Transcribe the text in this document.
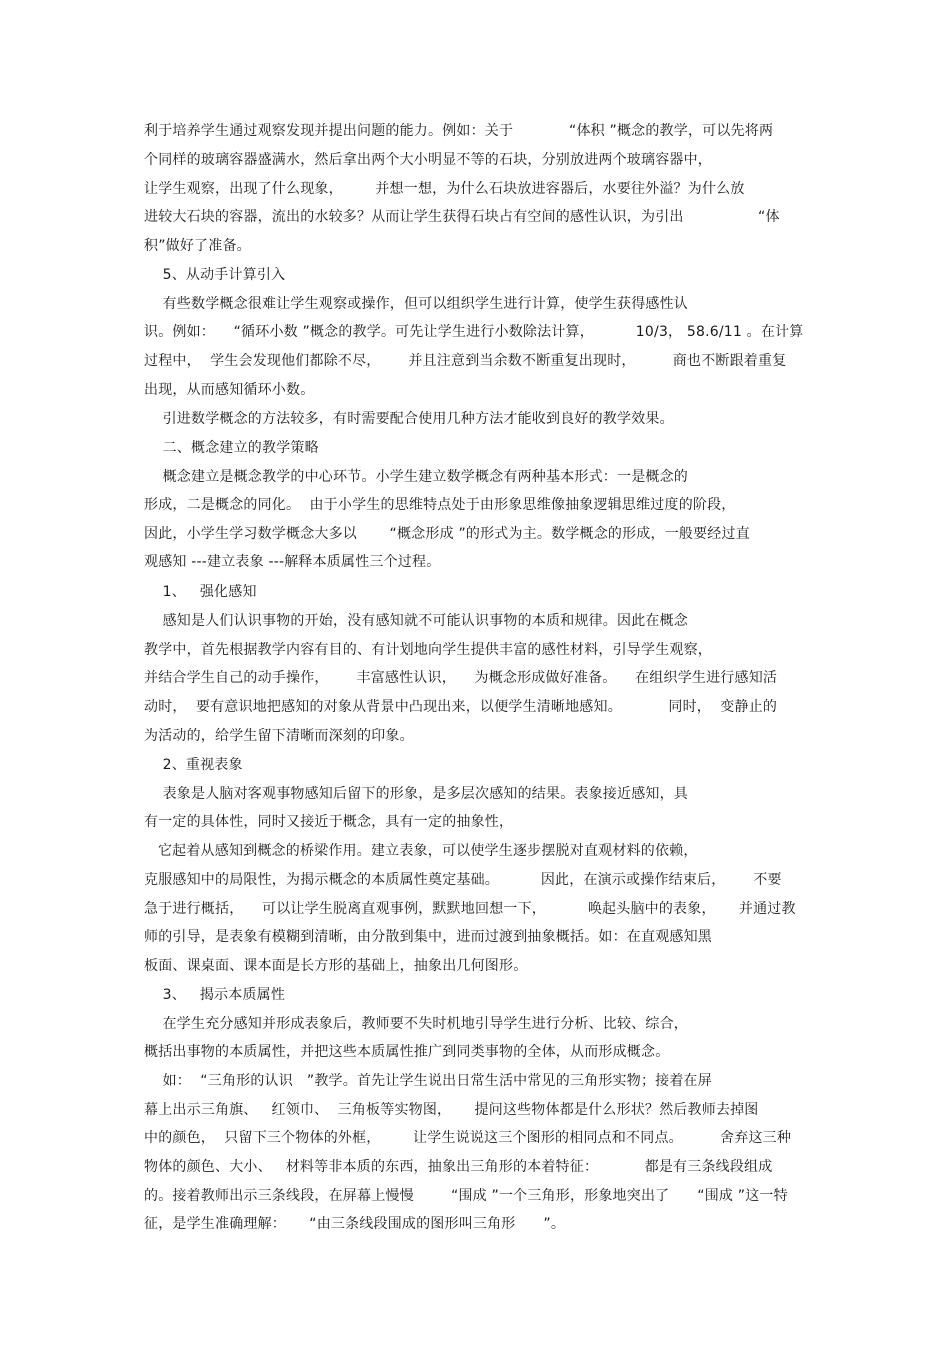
利于培养学生通过观察发现并提出问题的能力。例如：关于            “体积 ”概念的教学，可以先将两
个同样的玻璃容器盛满水，然后拿出两个大小明显不等的石块，分别放进两个玻璃容器中，
让学生观察，出现了什么现象，       并想一想，为什么石块放进容器后，水要往外溢？为什么放
进较大石块的容器，流出的水较多？从而让学生获得石块占有空间的感性认识，为引出                “体
积”做好了准备。
5、从动手计算引入
有些数学概念很难让学生观察或操作，但可以组织学生进行计算，使学生获得感性认
识。例如：    “循环小数 ”概念的教学。可先让学生进行小数除法计算，         10/3， 58.6/11 。在计算
过程中，  学生会发现他们都除不尽，      并且注意到当余数不断重复出现时，        商也不断跟着重复
出现，从而感知循环小数。
引进数学概念的方法较多，有时需要配合使用几种方法才能收到良好的教学效果。
二、概念建立的教学策略
概念建立是概念教学的中心环节。小学生建立数学概念有两种基本形式：一是概念的
形成，二是概念的同化。  由于小学生的思维特点处于由形象思维像抽象逻辑思维过度的阶段，
因此，小学生学习数学概念大多以       “概念形成 ”的形式为主。数学概念的形成，一般要经过直
观感知 ---建立表象 ---解释本质属性三个过程。
1、   强化感知
感知是人们认识事物的开始，没有感知就不可能认识事物的本质和规律。因此在概念
教学中，首先根据教学内容有目的、有计划地向学生提供丰富的感性材料，引导学生观察，
并结合学生自己的动手操作，      丰富感性认识，    为概念形成做好准备。    在组织学生进行感知活
动时，  要有意识地把感知的对象从背景中凸现出来，以便学生清晰地感知。          同时，  变静止的
为活动的，给学生留下清晰而深刻的印象。
2、重视表象
表象是人脑对客观事物感知后留下的形象，是多层次感知的结果。表象接近感知，具
有一定的具体性，同时又接近于概念，具有一定的抽象性，
它起着从感知到概念的桥梁作用。建立表象，可以使学生逐步摆脱对直观材料的依赖，
克服感知中的局限性，为揭示概念的本质属性奠定基础。         因此，在演示或操作结束后，      不要
急于进行概括，    可以让学生脱离直观事例，默默地回想一下，         唤起头脑中的表象，     并通过教
师的引导，是表象有模糊到清晰，由分散到集中，进而过渡到抽象概括。如：在直观感知黑
板面、课桌面、课本面是长方形的基础上，抽象出几何图形。
3、   揭示本质属性
在学生充分感知并形成表象后，教师要不失时机地引导学生进行分析、比较、综合，
概括出事物的本质属性，并把这些本质属性推广到同类事物的全体，从而形成概念。
如：  “三角形的认识   ”教学。首先让学生说出日常生活中常见的三角形实物；接着在屏
幕上出示三角旗、   红领巾、  三角板等实物图，     提问这些物体都是什么形状？然后教师去掉图
中的颜色，  只留下三个物体的外框，       让学生说说这三个图形的相同点和不同点。        舍弃这三种
物体的颜色、大小、   材料等非本质的东西，抽象出三角形的本着特征：          都是有三条线段组成
的。接着教师出示三条线段，在屏幕上慢慢        “围成 ”一个三角形，形象地突出了      “围成 ”这一特
征，是学生准确理解：     “由三条线段围成的图形叫三角形      ”。
